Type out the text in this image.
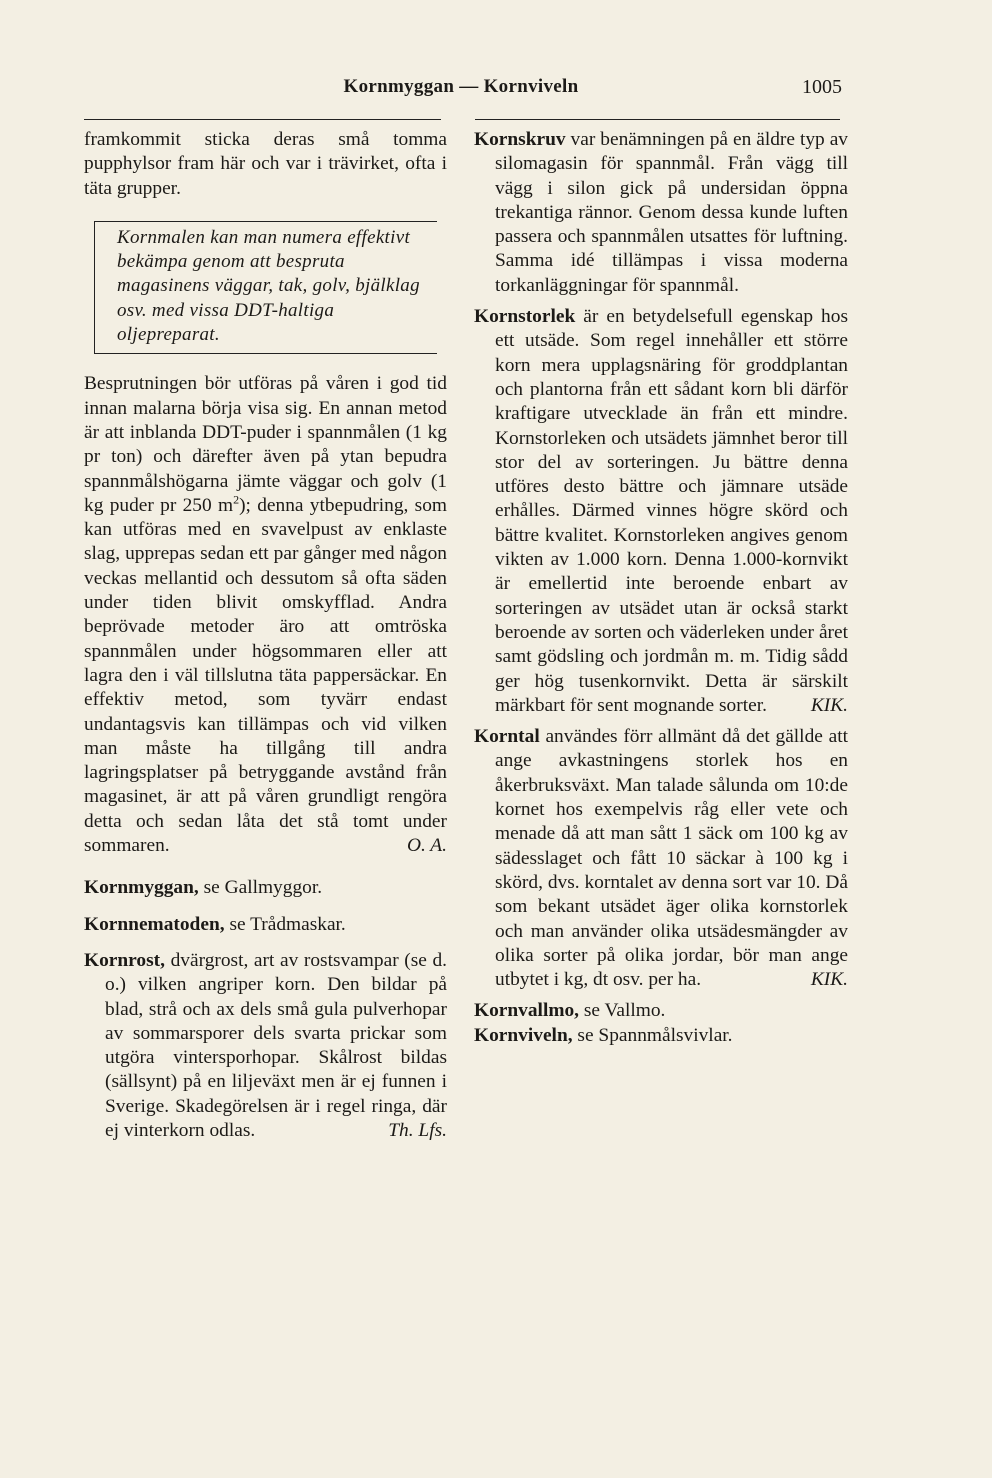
Kornmyggan — Kornviveln	1005

framkommit sticka deras små tomma pupphylsor fram här och var i trävirket, ofta i täta grupper.

Kornmalen kan man numera effektivt bekämpa genom att bespruta magasinens väggar, tak, golv, bjälklag osv. med vissa DDT-haltiga oljepreparat.

Besprutningen bör utföras på våren i god tid innan malarna börja visa sig. En annan metod är att inblanda DDT-puder i spannmålen (1 kg pr ton) och därefter även på ytan bepudra spannmålshögarna jämte väggar och golv (1 kg puder pr 250 $m^2$); denna ytbepudring, som kan utföras med en svavelpust av enklaste slag, upprepas sedan ett par gånger med någon veckas mellantid och dessutom så ofta säden under tiden blivit omskyfflad. Andra beprövade metoder äro att omtröska spannmålen under högsommaren eller att lagra den i väl tillslutna täta pappersäckar. En effektiv metod, som tyvärr endast undantagsvis kan tillämpas och vid vilken man måste ha tillgång till andra lagringsplatser på betryggande avstånd från magasinet, är att på våren grundligt rengöra detta och sedan låta det stå tomt under sommaren.	O. A.

Kornmyggan, se Gallmyggor.

Kornnematoden, se Trådmaskar.

Kornrost, dvärgrost, art av rostsvampar (se d. o.) vilken angriper korn. Den bildar på blad, strå och ax dels små gula pulverhopar av sommarsporer dels svarta prickar som utgöra vintersporhopar. Skålrost bildas (sällsynt) på en liljeväxt men är ej funnen i Sverige. Skadegörelsen är i regel ringa, där ej vinterkorn odlas.	Th. Lfs.

Kornskruv var benämningen på en äldre typ av silomagasin för spannmål. Från vägg till vägg i silon gick på undersidan öppna trekantiga rännor. Genom dessa kunde luften passera och spannmålen utsattes för luftning. Samma idé tillämpas i vissa moderna torkanläggningar för spannmål.

Kornstorlek är en betydelsefull egenskap hos ett utsäde. Som regel innehåller ett större korn mera upplagsnäring för groddplantan och plantorna från ett sådant korn bli därför kraftigare utvecklade än från ett mindre. Kornstorleken och utsädets jämnhet beror till stor del av sorteringen. Ju bättre denna utföres desto bättre och jämnare utsäde erhålles. Därmed vinnes högre skörd och bättre kvalitet. Kornstorleken angives genom vikten av 1.000 korn. Denna 1.000-kornvikt är emellertid inte beroende enbart av sorteringen av utsädet utan är också starkt beroende av sorten och väderleken under året samt gödsling och jordmån m. m. Tidig sådd ger hög tusenkornvikt. Detta är särskilt märkbart för sent mognande sorter. KIK.

Korntal användes förr allmänt då det gällde att ange avkastningens storlek hos en åkerbruksväxt. Man talade sålunda om 10:de kornet hos exempelvis råg eller vete och menade då att man sått 1 säck om 100 kg av sädesslaget och fått 10 säckar à 100 kg i skörd, dvs. korntalet av denna sort var 10. Då som bekant utsädet äger olika kornstorlek och man använder olika utsädesmängder av olika sorter på olika jordar, bör man ange utbytet i kg, dt osv. per ha.	KIK.

Kornvallmo, se Vallmo.

Kornviveln, se Spannmålsvivlar.
